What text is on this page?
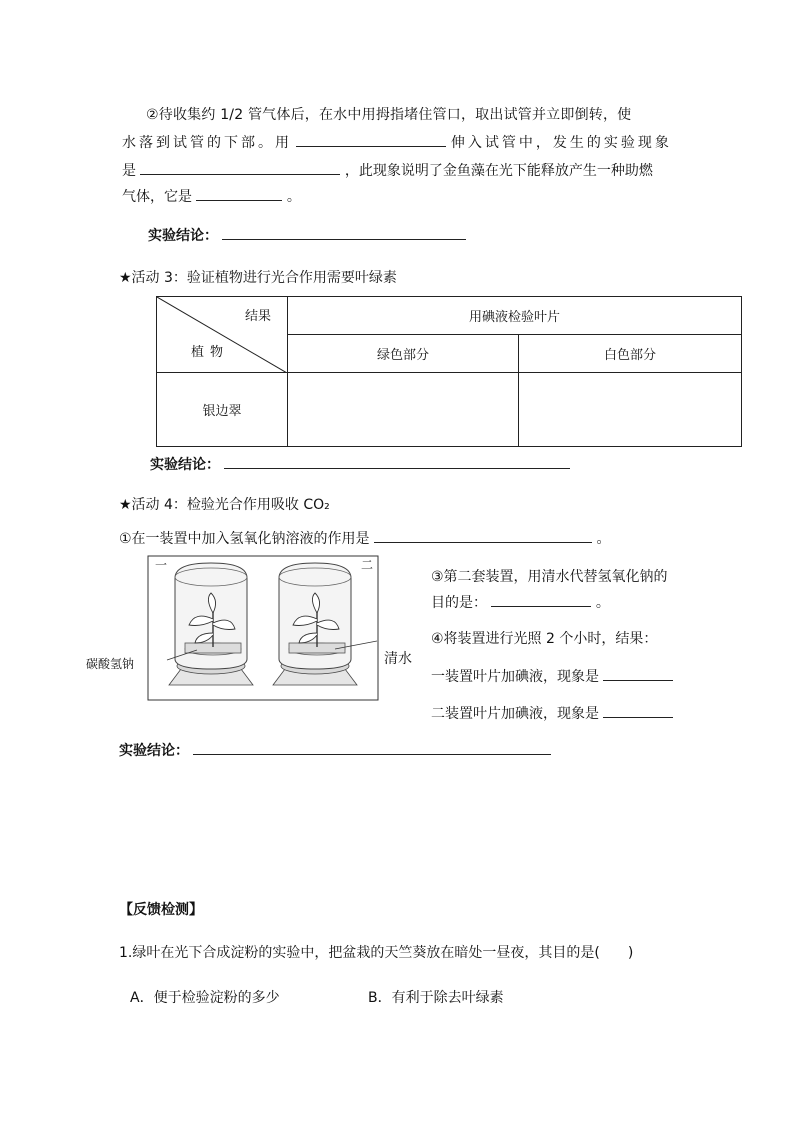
②待收集约 1/2 管气体后，在水中用拇指堵住管口，取出试管并立即倒转，使
水落到试管的下部。用	伸入试管中，发生的实验现象
是	，此现象说明了金鱼藻在光下能释放产生一种助燃
气体，它是	。
实验结论：
★活动 3：验证植物进行光合作用需要叶绿素
结果
植物	用碘液检验叶片	
	绿色部分	白色部分
银边翠		
实验结论：
★活动 4：检验光合作用吸收 CO₂
①在一装置中加入氢氧化钠溶液的作用是	。
一	二
碳酸氢钠	清水
③第二套装置，用清水代替氢氧化钠的
目的是：	。
④将装置进行光照 2 个小时，结果：
一装置叶片加碘液，现象是
二装置叶片加碘液，现象是
实验结论：
【反馈检测】
1.绿叶在光下合成淀粉的实验中，把盆栽的天竺葵放在暗处一昼夜，其目的是(　　)
A．便于检验淀粉的多少	B．有利于除去叶绿素
